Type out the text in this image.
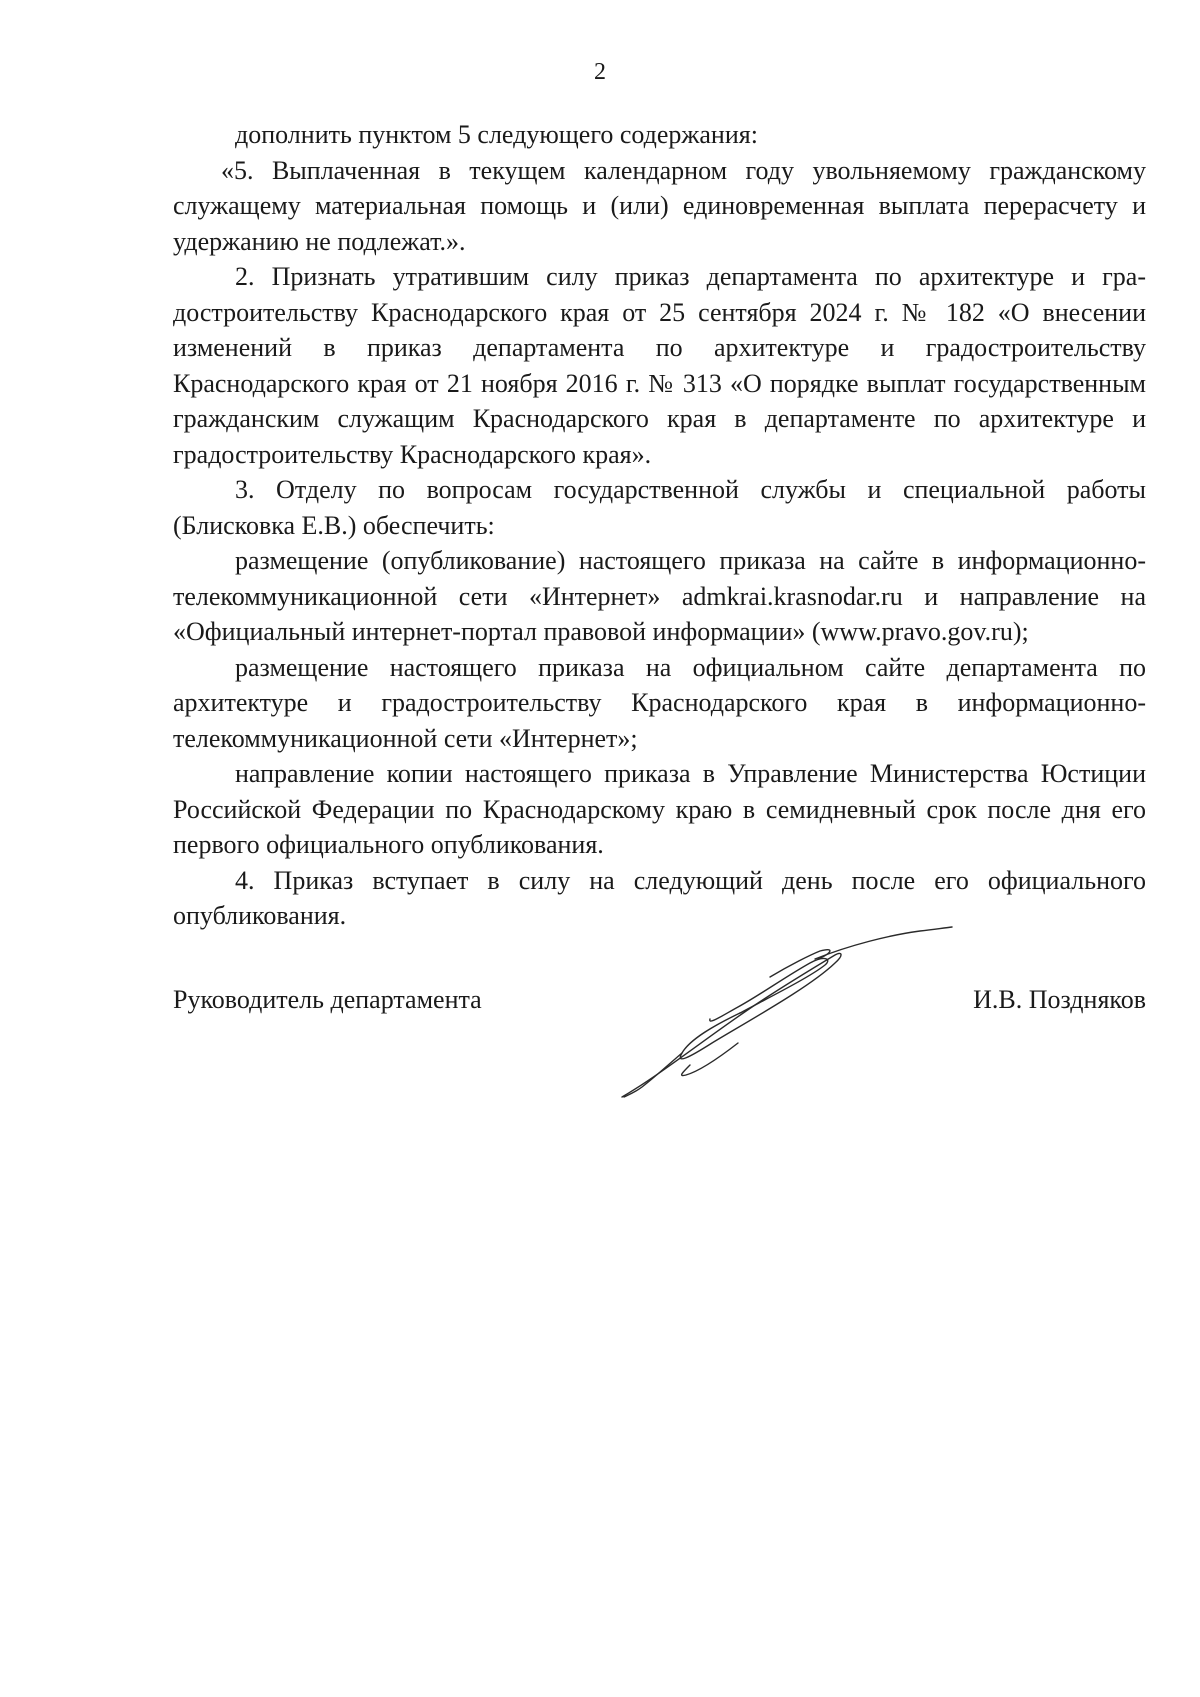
2

дополнить пунктом 5 следующего содержания:

«5. Выплаченная в текущем календарном году увольняемому гражданскому служащему материальная помощь и (или) единовременная выплата перерасчету и удержанию не подлежат.».

2. Признать утратившим силу приказ департамента по архитектуре и градостроительству Краснодарского края от 25 сентября 2024 г. № 182 «О внесении изменений в приказ департамента по архитектуре и градостроительству Краснодарского края от 21 ноября 2016 г. № 313 «О порядке выплат государственным гражданским служащим Краснодарского края в департаменте по архитектуре и градостроительству Краснодарского края».

3. Отделу по вопросам государственной службы и специальной работы (Блисковка Е.В.) обеспечить:

размещение (опубликование) настоящего приказа на сайте в информационно-телекоммуникационной сети «Интернет» admkrai.krasnodar.ru и направление на «Официальный интернет-портал правовой информации» (www.pravo.gov.ru);

размещение настоящего приказа на официальном сайте департамента по архитектуре и градостроительству Краснодарского края в информационно-телекоммуникационной сети «Интернет»;

направление копии настоящего приказа в Управление Министерства Юстиции Российской Федерации по Краснодарскому краю в семидневный срок после дня его первого официального опубликования.

4. Приказ вступает в силу на следующий день после его официального опубликования.

Руководитель департамента	И.В. Поздняков
